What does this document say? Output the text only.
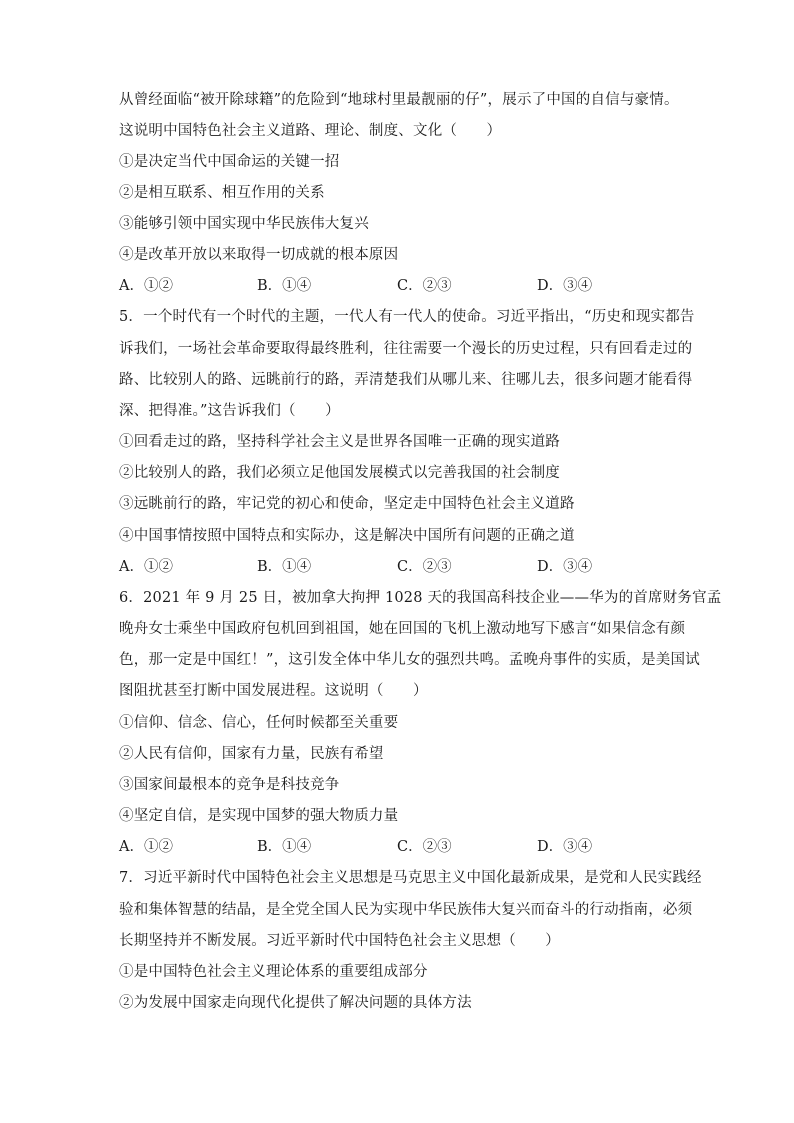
从曾经面临“被开除球籍”的危险到“地球村里最靓丽的仔”，展示了中国的自信与豪情。
这说明中国特色社会主义道路、理论、制度、文化（　　）
①是决定当代中国命运的关键一招
②是相互联系、相互作用的关系
③能够引领中国实现中华民族伟大复兴
④是改革开放以来取得一切成就的根本原因
A．①②	B．①④	C．②③	D．③④
5．一个时代有一个时代的主题，一代人有一代人的使命。习近平指出，“历史和现实都告
诉我们，一场社会革命要取得最终胜利，往往需要一个漫长的历史过程，只有回看走过的
路、比较别人的路、远眺前行的路，弄清楚我们从哪儿来、往哪儿去，很多问题才能看得
深、把得准。”这告诉我们（　　）
①回看走过的路，坚持科学社会主义是世界各国唯一正确的现实道路
②比较别人的路，我们必须立足他国发展模式以完善我国的社会制度
③远眺前行的路，牢记党的初心和使命，坚定走中国特色社会主义道路
④中国事情按照中国特点和实际办，这是解决中国所有问题的正确之道
A．①②	B．①④	C．②③	D．③④
6．2021 年 9 月 25 日，被加拿大拘押 1028 天的我国高科技企业——华为的首席财务官孟
晚舟女士乘坐中国政府包机回到祖国，她在回国的飞机上激动地写下感言“如果信念有颜
色，那一定是中国红！”，这引发全体中华儿女的强烈共鸣。孟晚舟事件的实质，是美国试
图阻扰甚至打断中国发展进程。这说明（　　）
①信仰、信念、信心，任何时候都至关重要
②人民有信仰，国家有力量，民族有希望
③国家间最根本的竞争是科技竞争
④坚定自信，是实现中国梦的强大物质力量
A．①②	B．①④	C．②③	D．③④
7．习近平新时代中国特色社会主义思想是马克思主义中国化最新成果，是党和人民实践经
验和集体智慧的结晶，是全党全国人民为实现中华民族伟大复兴而奋斗的行动指南，必须
长期坚持并不断发展。习近平新时代中国特色社会主义思想（　　）
①是中国特色社会主义理论体系的重要组成部分
②为发展中国家走向现代化提供了解决问题的具体方法
